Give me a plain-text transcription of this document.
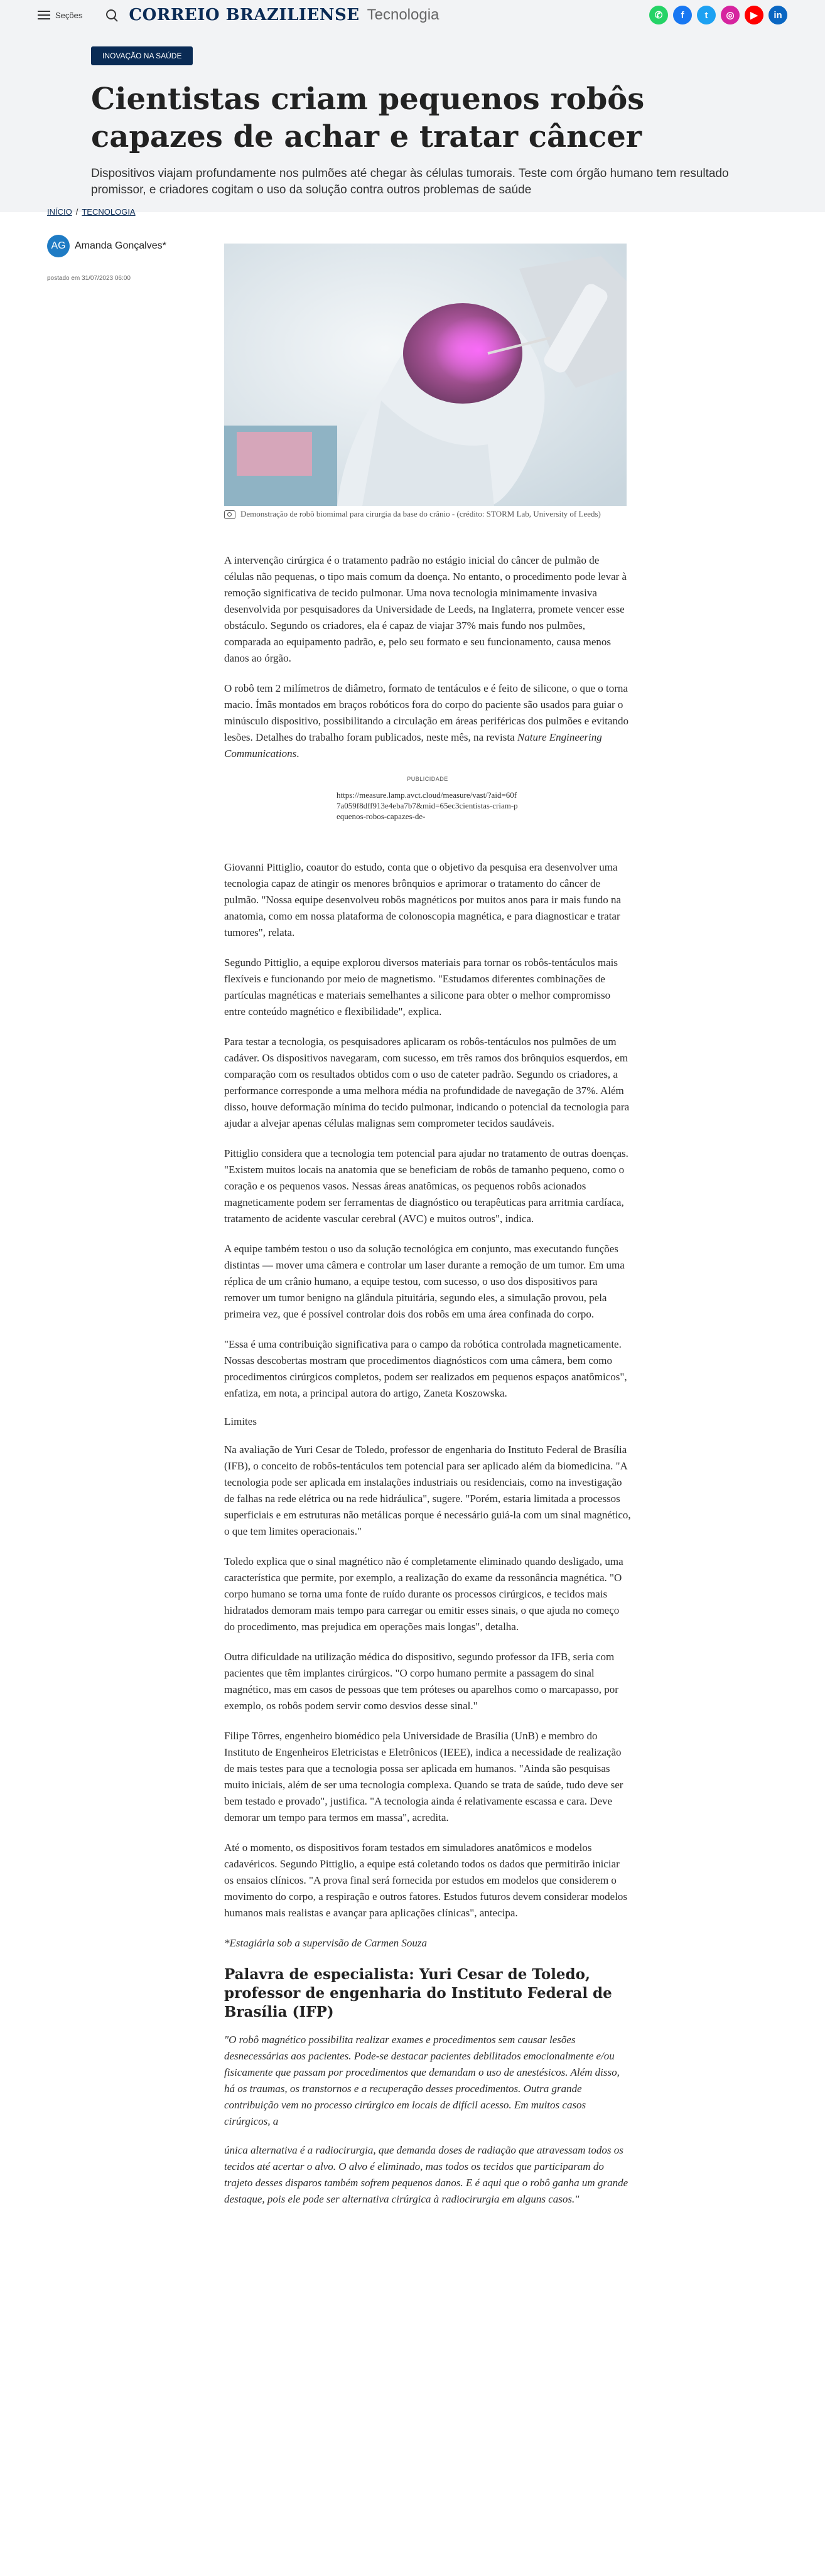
Seções	CORREIO BRAZILIENSE Tecnologia	✆	f	t	◎	▶	in
INOVAÇÃO NA SAÚDE
Cientistas criam pequenos robôs capazes de achar e tratar câncer

Dispositivos viajam profundamente nos pulmões até chegar às células tumorais. Teste com órgão humano tem resultado promissor, e criadores cogitam o uso da solução contra outros problemas de saúde

INÍCIO / TECNOLOGIA
AG Amanda Gonçalves*
postado em 31/07/2023 06:00
Demonstração de robô biomimal para cirurgia da base do crânio - (crédito: STORM Lab, University of Leeds)

A intervenção cirúrgica é o tratamento padrão no estágio inicial do câncer de pulmão de células não pequenas, o tipo mais comum da doença. No entanto, o procedimento pode levar à remoção significativa de tecido pulmonar. Uma nova tecnologia minimamente invasiva desenvolvida por pesquisadores da Universidade de Leeds, na Inglaterra, promete vencer esse obstáculo. Segundo os criadores, ela é capaz de viajar 37% mais fundo nos pulmões, comparada ao equipamento padrão, e, pelo seu formato e seu funcionamento, causa menos danos ao órgão.

O robô tem 2 milímetros de diâmetro, formato de tentáculos e é feito de silicone, o que o torna macio. Ímãs montados em braços robóticos fora do corpo do paciente são usados para guiar o minúsculo dispositivo, possibilitando a circulação em áreas periféricas dos pulmões e evitando lesões. Detalhes do trabalho foram publicados, neste mês, na revista Nature Engineering Communications.

PUBLICIDADE
https://measure.lamp.avct.cloud/measure/vast/?aid=60f7a059f8dff913e4eba7b7&mid=65ec3cientistas-criam-pequenos-robos-capazes-de-

Giovanni Pittiglio, coautor do estudo, conta que o objetivo da pesquisa era desenvolver uma tecnologia capaz de atingir os menores brônquios e aprimorar o tratamento do câncer de pulmão. "Nossa equipe desenvolveu robôs magnéticos por muitos anos para ir mais fundo na anatomia, como em nossa plataforma de colonoscopia magnética, e para diagnosticar e tratar tumores", relata.

Segundo Pittiglio, a equipe explorou diversos materiais para tornar os robôs-tentáculos mais flexíveis e funcionando por meio de magnetismo. "Estudamos diferentes combinações de partículas magnéticas e materiais semelhantes a silicone para obter o melhor compromisso entre conteúdo magnético e flexibilidade", explica.

Para testar a tecnologia, os pesquisadores aplicaram os robôs-tentáculos nos pulmões de um cadáver. Os dispositivos navegaram, com sucesso, em três ramos dos brônquios esquerdos, em comparação com os resultados obtidos com o uso de cateter padrão. Segundo os criadores, a performance corresponde a uma melhora média na profundidade de navegação de 37%. Além disso, houve deformação mínima do tecido pulmonar, indicando o potencial da tecnologia para ajudar a alvejar apenas células malignas sem comprometer tecidos saudáveis.

Pittiglio considera que a tecnologia tem potencial para ajudar no tratamento de outras doenças. "Existem muitos locais na anatomia que se beneficiam de robôs de tamanho pequeno, como o coração e os pequenos vasos. Nessas áreas anatômicas, os pequenos robôs acionados magneticamente podem ser ferramentas de diagnóstico ou terapêuticas para arritmia cardíaca, tratamento de acidente vascular cerebral (AVC) e muitos outros", indica.

A equipe também testou o uso da solução tecnológica em conjunto, mas executando funções distintas — mover uma câmera e controlar um laser durante a remoção de um tumor. Em uma réplica de um crânio humano, a equipe testou, com sucesso, o uso dos dispositivos para remover um tumor benigno na glândula pituitária, segundo eles, a simulação provou, pela primeira vez, que é possível controlar dois dos robôs em uma área confinada do corpo.

"Essa é uma contribuição significativa para o campo da robótica controlada magneticamente. Nossas descobertas mostram que procedimentos diagnósticos com uma câmera, bem como procedimentos cirúrgicos completos, podem ser realizados em pequenos espaços anatômicos", enfatiza, em nota, a principal autora do artigo, Zaneta Koszowska.

Limites

Na avaliação de Yuri Cesar de Toledo, professor de engenharia do Instituto Federal de Brasília (IFB), o conceito de robôs-tentáculos tem potencial para ser aplicado além da biomedicina. "A tecnologia pode ser aplicada em instalações industriais ou residenciais, como na investigação de falhas na rede elétrica ou na rede hidráulica", sugere. "Porém, estaria limitada a processos superficiais e em estruturas não metálicas porque é necessário guiá-la com um sinal magnético, o que tem limites operacionais."

Toledo explica que o sinal magnético não é completamente eliminado quando desligado, uma característica que permite, por exemplo, a realização do exame da ressonância magnética. "O corpo humano se torna uma fonte de ruído durante os processos cirúrgicos, e tecidos mais hidratados demoram mais tempo para carregar ou emitir esses sinais, o que ajuda no começo do procedimento, mas prejudica em operações mais longas", detalha.

Outra dificuldade na utilização médica do dispositivo, segundo professor da IFB, seria com pacientes que têm implantes cirúrgicos. "O corpo humano permite a passagem do sinal magnético, mas em casos de pessoas que tem próteses ou aparelhos como o marcapasso, por exemplo, os robôs podem servir como desvios desse sinal."

Filipe Tôrres, engenheiro biomédico pela Universidade de Brasília (UnB) e membro do Instituto de Engenheiros Eletricistas e Eletrônicos (IEEE), indica a necessidade de realização de mais testes para que a tecnologia possa ser aplicada em humanos. "Ainda são pesquisas muito iniciais, além de ser uma tecnologia complexa. Quando se trata de saúde, tudo deve ser bem testado e provado", justifica. "A tecnologia ainda é relativamente escassa e cara. Deve demorar um tempo para termos em massa", acredita.

Até o momento, os dispositivos foram testados em simuladores anatômicos e modelos cadavéricos. Segundo Pittiglio, a equipe está coletando todos os dados que permitirão iniciar os ensaios clínicos. "A prova final será fornecida por estudos em modelos que considerem o movimento do corpo, a respiração e outros fatores. Estudos futuros devem considerar modelos humanos mais realistas e avançar para aplicações clínicas", antecipa.

*Estagiária sob a supervisão de Carmen Souza

Palavra de especialista: Yuri Cesar de Toledo, professor de engenharia do Instituto Federal de Brasília (IFP)

"O robô magnético possibilita realizar exames e procedimentos sem causar lesões desnecessárias aos pacientes. Pode-se destacar pacientes debilitados emocionalmente e/ou fisicamente que passam por procedimentos que demandam o uso de anestésicos. Além disso, há os traumas, os transtornos e a recuperação desses procedimentos. Outra grande contribuição vem no processo cirúrgico em locais de difícil acesso. Em muitos casos cirúrgicos, a

única alternativa é a radiocirurgia, que demanda doses de radiação que atravessam todos os tecidos até acertar o alvo. O alvo é eliminado, mas todos os tecidos que participaram do trajeto desses disparos também sofrem pequenos danos. E é aqui que o robô ganha um grande destaque, pois ele pode ser alternativa cirúrgica à radiocirurgia em alguns casos."
